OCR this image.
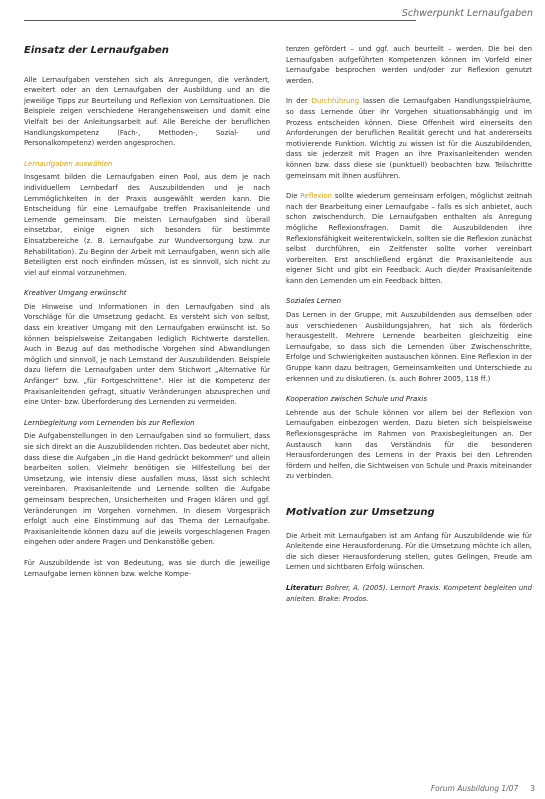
Schwerpunkt Lernaufgaben
Einsatz der Lernaufgaben

Alle Lernaufgaben verstehen sich als Anregungen, die verändert, erweitert oder an den Lernaufgaben der Ausbildung und an die jeweilige Tipps zur Beurteilung und Reflexion von Lernsituationen. Die Beispiele zeigen verschiedene Herangehensweisen und damit eine Vielfalt bei der Anleitungsarbeit auf. Alle Bereiche der beruflichen Handlungskompetenz (Fach-, Methoden-, Sozial- und Personalkompetenz) werden angesprochen.

Lernaufgaben auswählen

Insgesamt bilden die Lernaufgaben einen Pool, aus dem je nach individuellem Lernbedarf des Auszubildenden und je nach Lernmöglichkeiten in der Praxis ausgewählt werden kann. Die Entscheidung für eine Lernaufgabe treffen Praxisanleitende und Lernende gemeinsam. Die meisten Lernaufgaben sind überall einsetzbar, einige eignen sich besonders für bestimmte Einsatzbereiche (z. B. Lernaufgabe zur Wundversorgung bzw. zur Rehabilitation). Zu Beginn der Arbeit mit Lernaufgaben, wenn sich alle Beteiligten erst noch einfinden müssen, ist es sinnvoll, sich nicht zu viel auf einmal vorzunehmen.

Kreativer Umgang erwünscht

Die Hinweise und Informationen in den Lernaufgaben sind als Vorschläge für die Umsetzung gedacht. Es versteht sich von selbst, dass ein kreativer Umgang mit den Lernaufgaben erwünscht ist. So können beispielsweise Zeitangaben lediglich Richtwerte darstellen. Auch in Bezug auf das methodische Vorgehen sind Abwandlungen möglich und sinnvoll, je nach Lernstand der Auszubildenden. Beispiele dazu liefern die Lernaufgaben unter dem Stichwort „Alternative für Anfänger“ bzw. „für Fortgeschrittene“. Hier ist die Kompetenz der Praxisanleitenden gefragt, situativ Veränderungen abzusprechen und eine Unter- bzw. Überforderung des Lernenden zu vermeiden.

Lernbegleitung vom Lernenden bis zur Reflexion

Die Aufgabenstellungen in den Lernaufgaben sind so formuliert, dass sie sich direkt an die Auszubildenden richten. Das bedeutet aber nicht, dass diese die Aufgaben „in die Hand gedrückt bekommen“ und allein bearbeiten sollen. Vielmehr benötigen sie Hilfestellung bei der Umsetzung, wie intensiv diese ausfallen muss, lässt sich schlecht vereinbaren. Praxisanleitende und Lernende sollten die Aufgabe gemeinsam besprechen, Unsicherheiten und Fragen klären und ggf. Veränderungen im Vorgehen vornehmen. In diesem Vorgespräch erfolgt auch eine Einstimmung auf das Thema der Lernaufgabe. Praxisanleitende können dazu auf die jeweils vorgeschlagenen Fragen eingehen oder andere Fragen und Denkanstöße geben.

Für Auszubildende ist von Bedeutung, was sie durch die jeweilige Lernaufgabe lernen können bzw. welche Kompe-

tenzen gefördert – und ggf. auch beurteilt – werden. Die bei den Lernaufgaben aufgeführten Kompetenzen können im Vorfeld einer Lernaufgabe besprochen werden und/oder zur Reflexion genutzt werden.

In der Durchführung lassen die Lernaufgaben Handlungsspielräume, so dass Lernende über ihr Vorgehen situationsabhängig und im Prozess entscheiden können. Diese Offenheit wird einerseits den Anforderungen der beruflichen Realität gerecht und hat andererseits motivierende Funktion. Wichtig zu wissen ist für die Auszubildenden, dass sie jederzeit mit Fragen an ihre Praxisanleitenden wenden können bzw. dass diese sie (punktuell) beobachten bzw. Teilschritte gemeinsam mit ihnen ausführen.

Die Reflexion sollte wiederum gemeinsam erfolgen, möglichst zeitnah nach der Bearbeitung einer Lernaufgabe – falls es sich anbietet, auch schon zwischendurch. Die Lernaufgaben enthalten als Anregung mögliche Reflexionsfragen. Damit die Auszubildenden ihre Reflexionsfähigkeit weiterentwickeln, sollten sie die Reflexion zunächst selbst durchführen, ein Zeitfenster sollte vorher vereinbart vorbereiten. Erst anschließend ergänzt die Praxisanleitende aus eigener Sicht und gibt ein Feedback. Auch die/der Praxisanleitende kann den Lernenden um ein Feedback bitten.

Soziales Lernen

Das Lernen in der Gruppe, mit Auszubildenden aus demselben oder aus verschiedenen Ausbildungsjahren, hat sich als förderlich herausgestellt. Mehrere Lernende bearbeiten gleichzeitig eine Lernaufgabe, so dass sich die Lernenden über Zwischenschritte, Erfolge und Schwierigkeiten austauschen können. Eine Reflexion in der Gruppe kann dazu beitragen, Gemeinsamkeiten und Unterschiede zu erkennen und zu diskutieren. (s. auch Bohrer 2005, 118 ff.)

Kooperation zwischen Schule und Praxis

Lehrende aus der Schule können vor allem bei der Reflexion von Lernaufgaben einbezogen werden. Dazu bieten sich beispielsweise Reflexionsgespräche im Rahmen von Praxisbegleitungen an. Der Austausch kann das Verständnis für die besonderen Herausforderungen des Lernens in der Praxis bei den Lehrenden fördern und helfen, die Sichtweisen von Schule und Praxis miteinander zu verbinden.

Motivation zur Umsetzung

Die Arbeit mit Lernaufgaben ist am Anfang für Auszubildende wie für Anleitende eine Herausforderung. Für die Umsetzung möchte ich allen, die sich dieser Herausforderung stellen, gutes Gelingen, Freude am Lernen und sichtbaren Erfolg wünschen.

Literatur: Bohrer, A. (2005). Lernort Praxis. Kompetent begleiten und anleiten. Brake: Prodos.

Forum Ausbildung 1/07 3
